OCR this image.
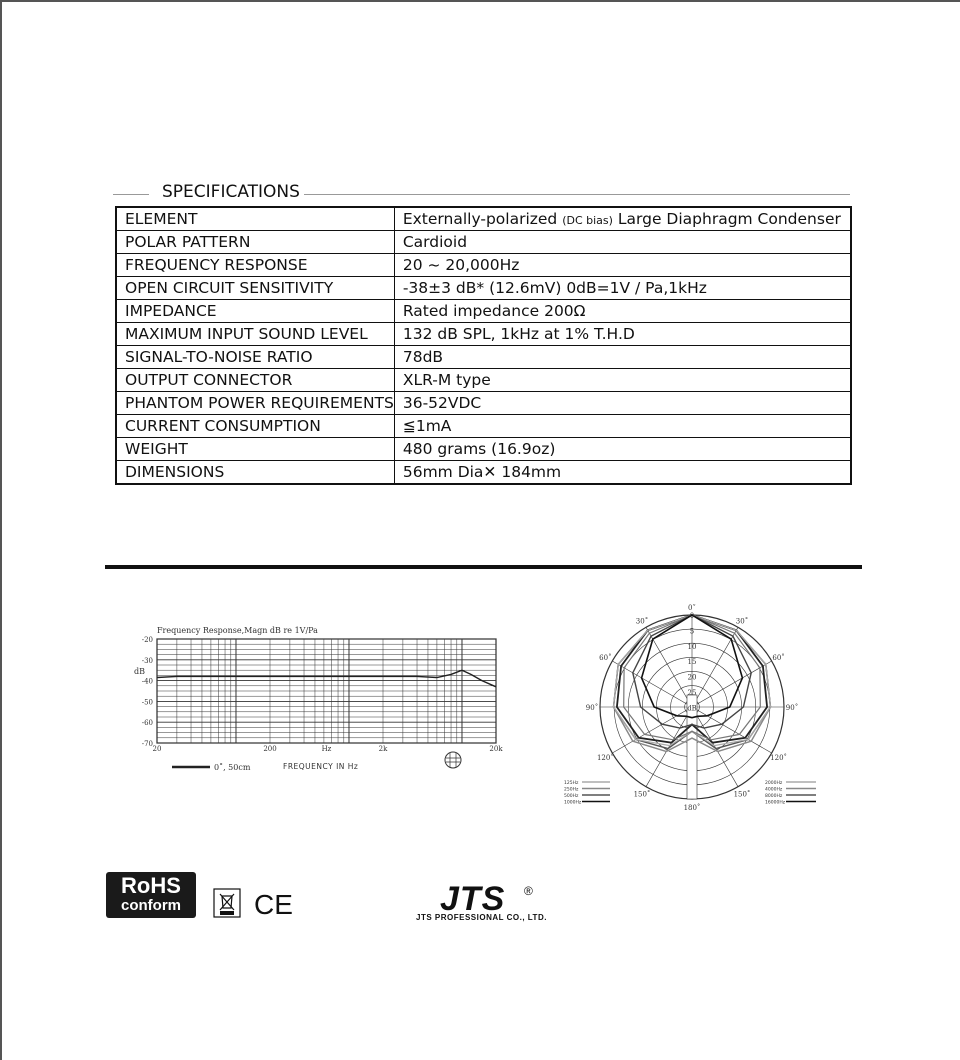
SPECIFICATIONS
ELEMENT	Externally-polarized (DC bias) Large Diaphragm Condenser
POLAR PATTERN	Cardioid
FREQUENCY RESPONSE	20 ~ 20,000Hz
OPEN CIRCUIT SENSITIVITY	-38±3 dB* (12.6mV) 0dB=1V / Pa,1kHz
IMPEDANCE	Rated impedance 200Ω
MAXIMUM INPUT SOUND LEVEL	132 dB SPL, 1kHz at 1% T.H.D
SIGNAL-TO-NOISE RATIO	78dB
OUTPUT CONNECTOR	XLR-M type
PHANTOM POWER REQUIREMENTS	36-52VDC
CURRENT CONSUMPTION	≦1mA
WEIGHT	480 grams (16.9oz)
DIMENSIONS	56mm Dia✕ 184mm
Frequency Response,Magn dB re 1V/Pa
dB
-20
-30
-40
-50
-60
-70
20	200	Hz	2k	20k
0˚, 50cm	FREQUENCY IN Hz
0˚
30˚	30˚
60˚	60˚
90˚	90˚
120˚	120˚
150˚	150˚
180˚
0
5
10
15
20
25
dB
125Hz
250Hz
500Hz
1000Hz
2000Hz
4000Hz
8000Hz
16000Hz
RoHS
conform	CE	JTS ®
JTS PROFESSIONAL CO., LTD.
